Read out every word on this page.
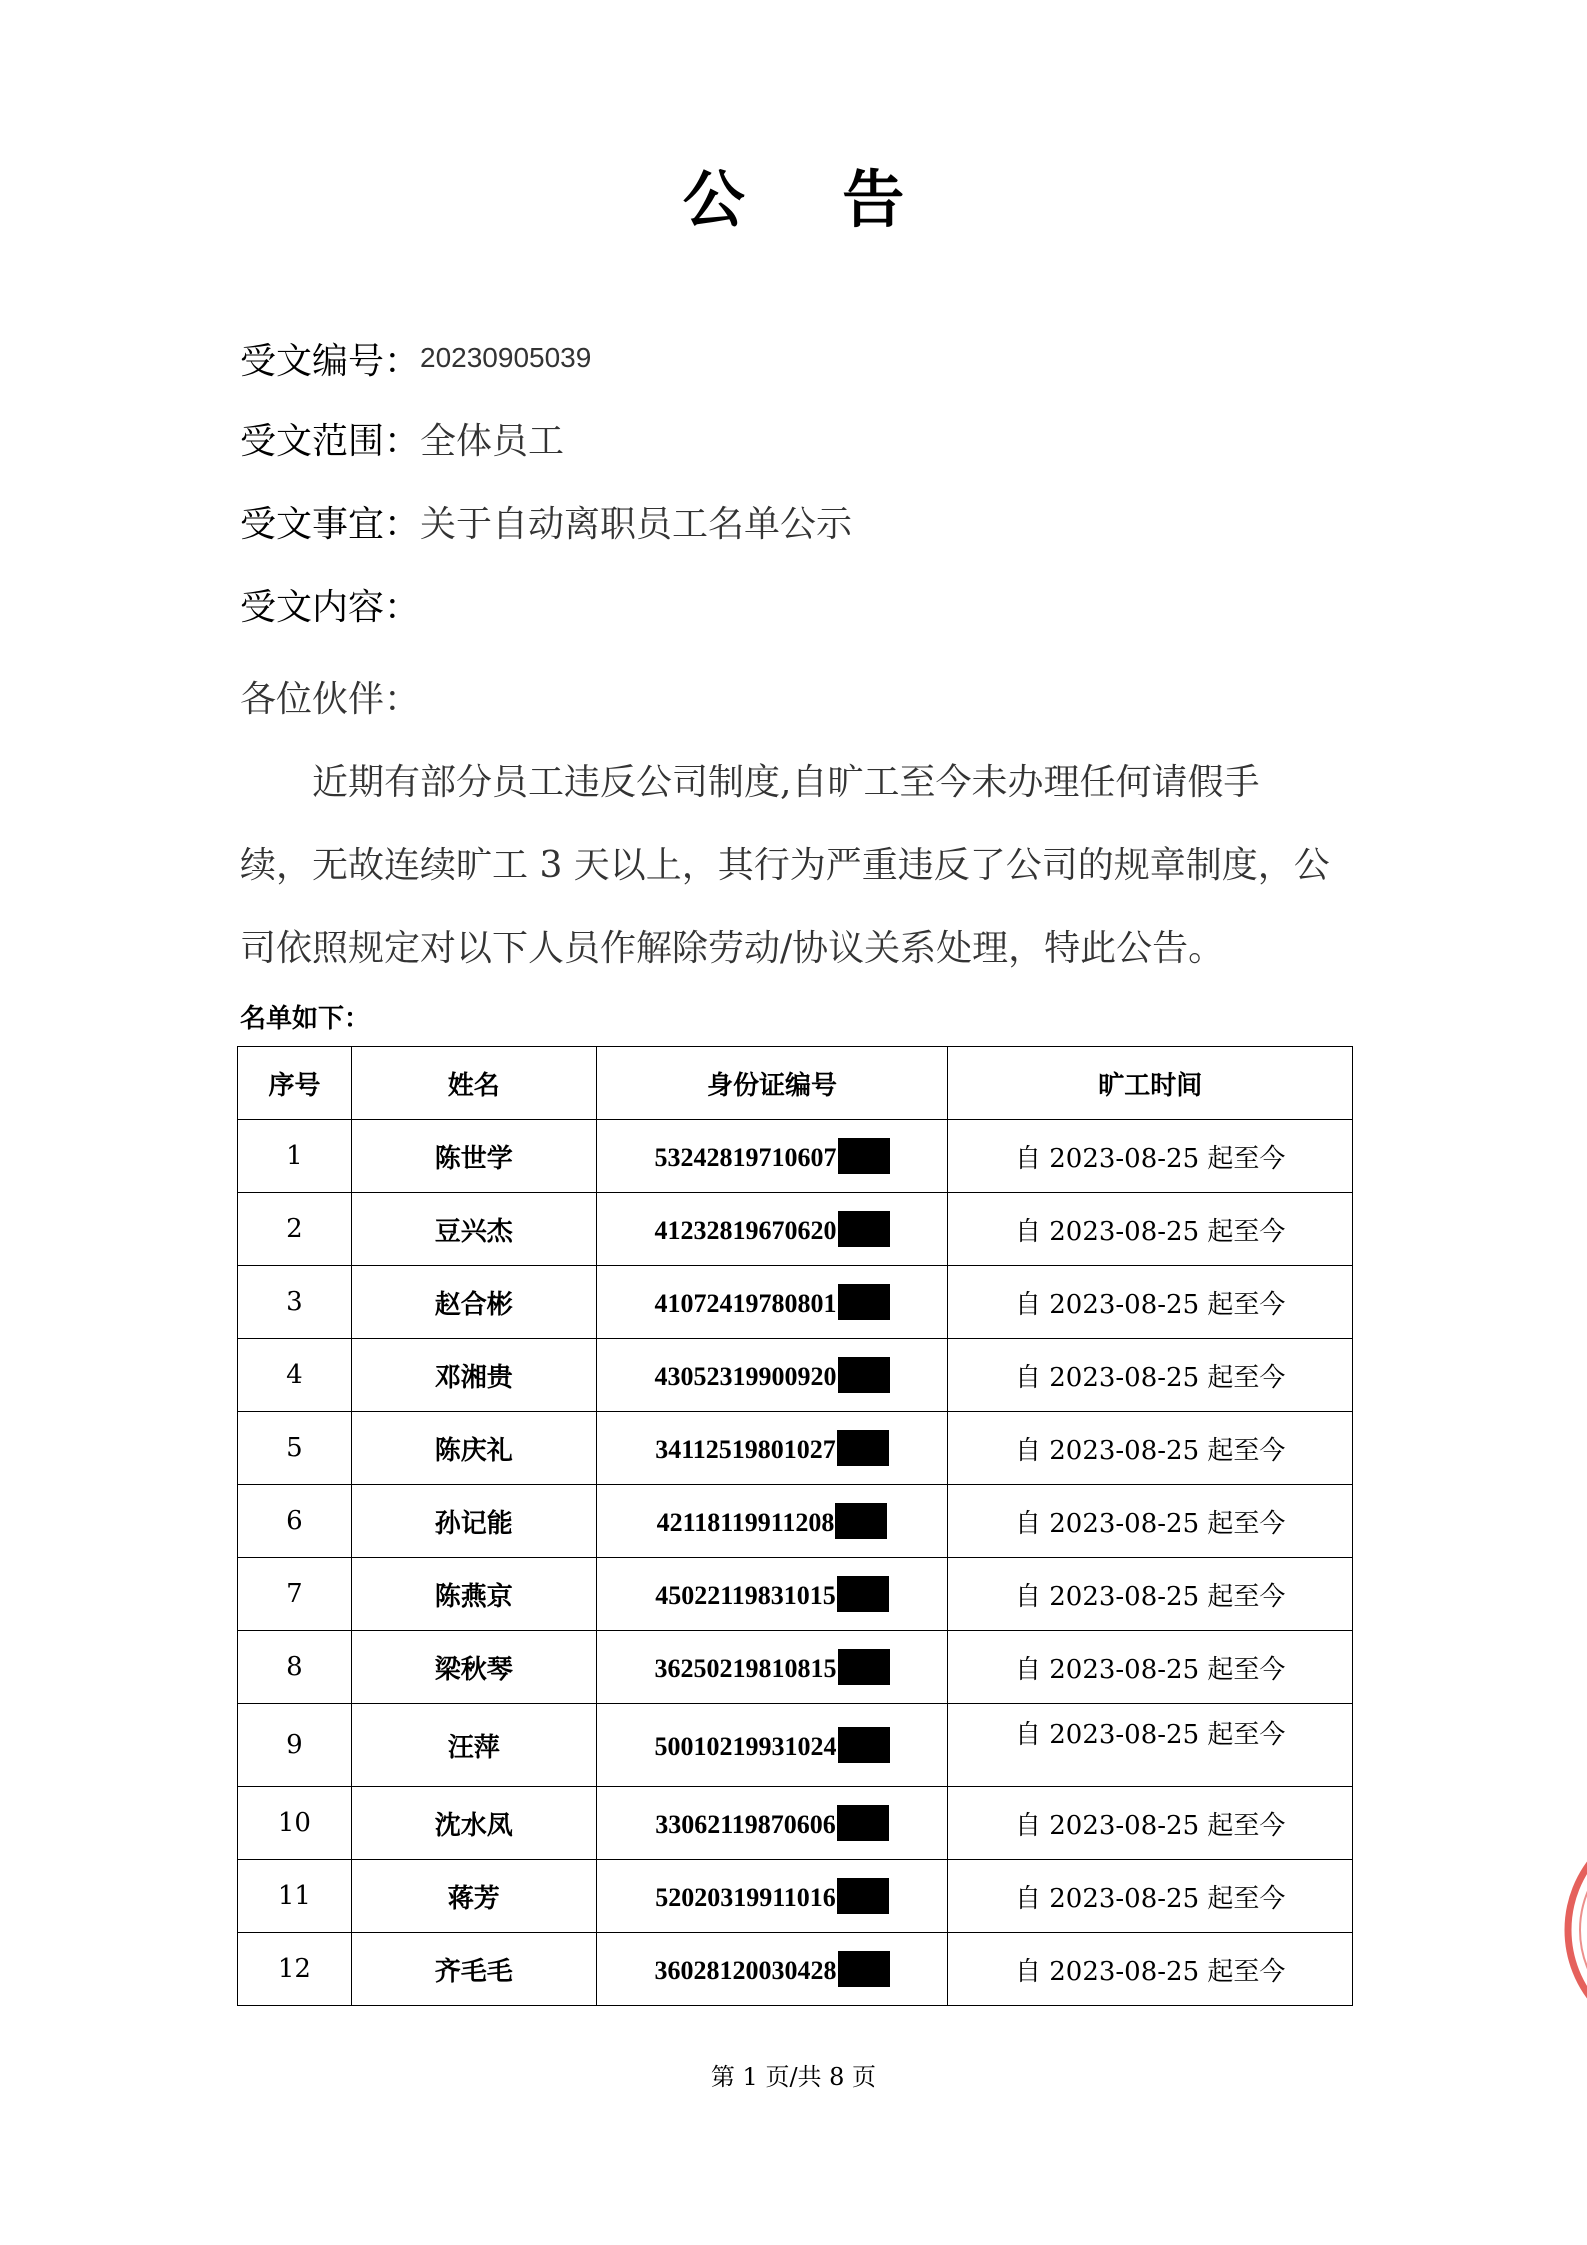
公 告
受文编号：20230905039
受文范围：全体员工
受文事宜：关于自动离职员工名单公示
受文内容：
各位伙伴：
　　近期有部分员工违反公司制度,自旷工至今未办理任何请假手
续，无故连续旷工 3 天以上，其行为严重违反了公司的规章制度，公
司依照规定对以下人员作解除劳动/协议关系处理，特此公告。
名单如下：
序号	姓名	身份证编号	旷工时间
1	陈世学	53242819710607	自 2023-08-25 起至今
2	豆兴杰	41232819670620	自 2023-08-25 起至今
3	赵合彬	41072419780801	自 2023-08-25 起至今
4	邓湘贵	43052319900920	自 2023-08-25 起至今
5	陈庆礼	34112519801027	自 2023-08-25 起至今
6	孙记能	42118119911208	自 2023-08-25 起至今
7	陈燕京	45022119831015	自 2023-08-25 起至今
8	梁秋琴	36250219810815	自 2023-08-25 起至今
9	汪萍	50010219931024	自 2023-08-25 起至今
10	沈水凤	33062119870606	自 2023-08-25 起至今
11	蒋芳	52020319911016	自 2023-08-25 起至今
12	齐毛毛	36028120030428	自 2023-08-25 起至今
第 1 页/共 8 页
